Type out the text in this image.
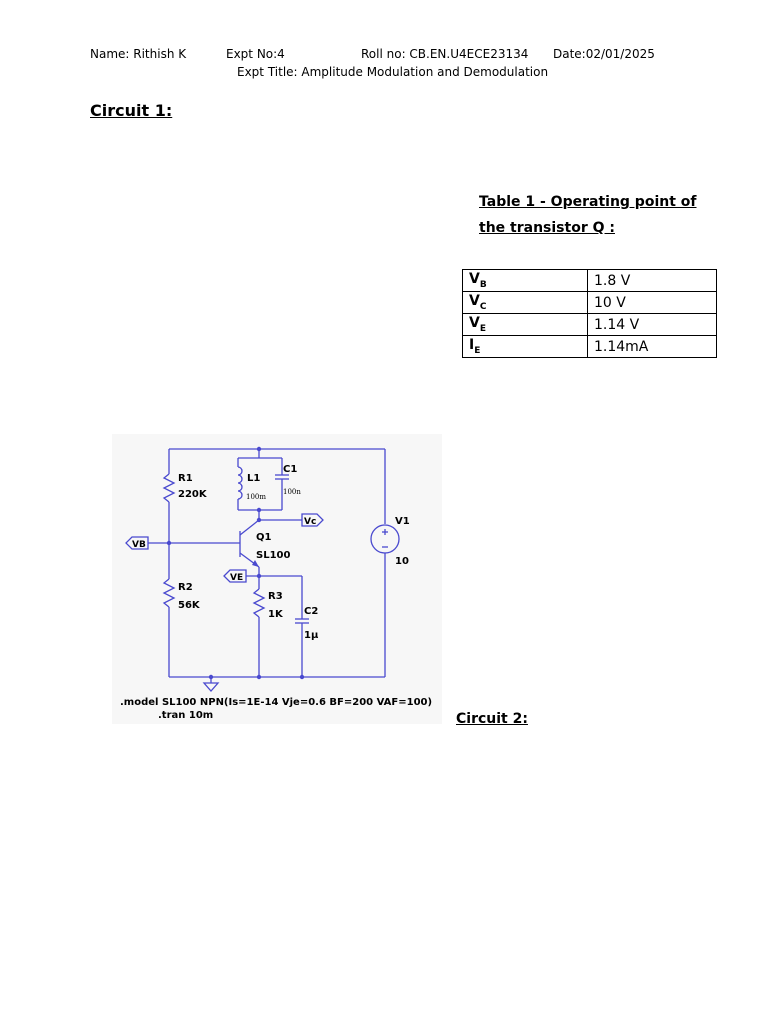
Name: Rithish K	Expt No:4	Roll no: CB.EN.U4ECE23134 Date:02/01/2025
Expt Title: Amplitude Modulation and Demodulation
Circuit 1:
Table 1 - Operating point of the transistor Q :
$V_B$	1.8 V
$V_C$	10 V
$V_E$	1.14 V
$I_E$	1.14mA
R1
220K
R2
56K
R3
1K
L1
C1
C2
1µ
Q1
SL100
V1
10
VB
Vc
VE
.model SL100 NPN(Is=1E-14 Vje=0.6 BF=200 VAF=100)
.tran 10m
100m
100n
Circuit 2:
